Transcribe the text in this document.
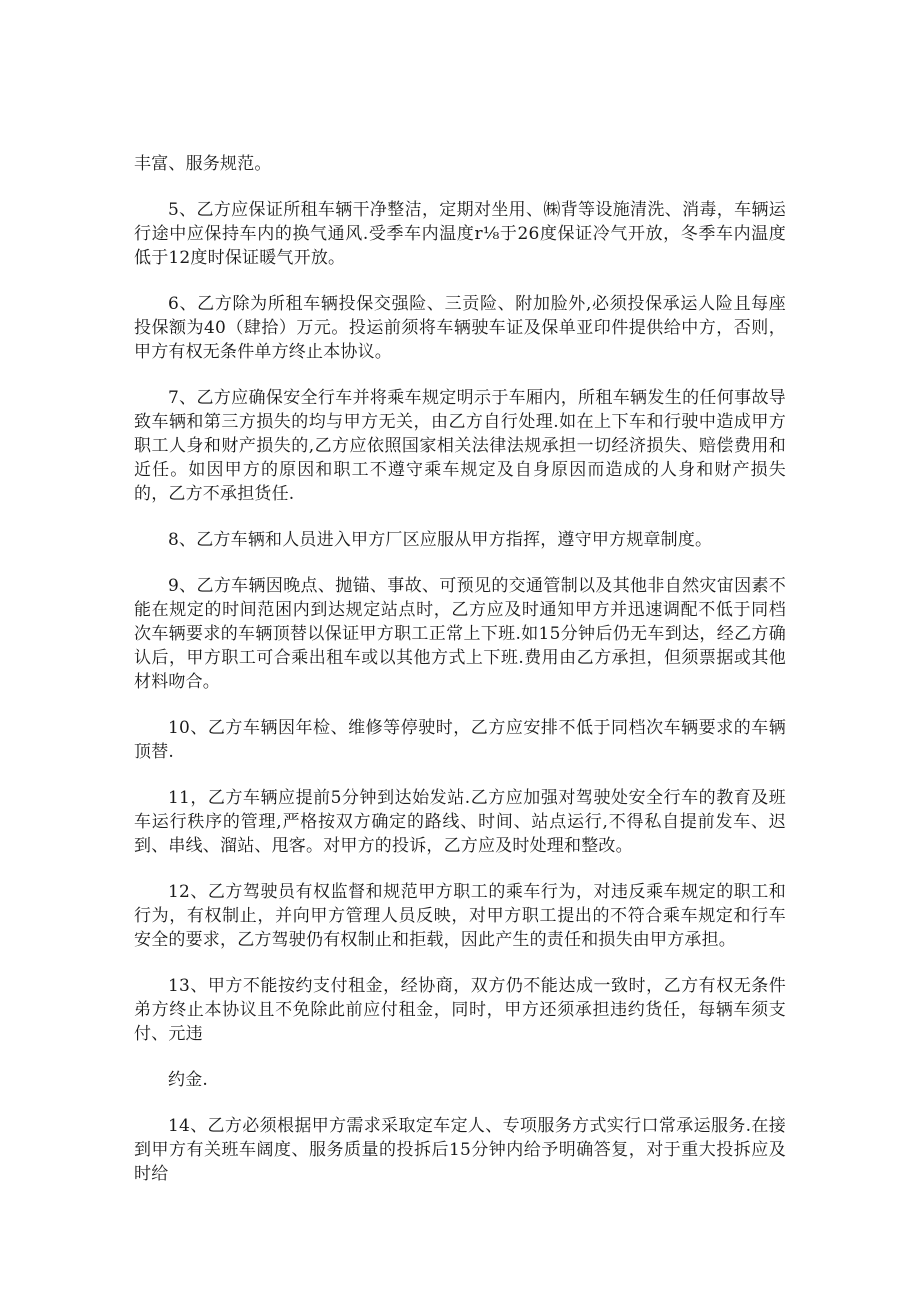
丰富、服务规范。

5、乙方应保证所租车辆干净整洁，定期对坐用、㈱背等设施清洗、消毒，车辆运行途中应保持车内的换气通风.受季车内温度r⅛于26度保证冷气开放，冬季车内温度低于12度时保证暖气开放。

6、乙方除为所租车辆投保交强险、三贡险、附加脸外,必须投保承运人险且每座投保额为40（肆拾）万元。投运前须将车辆驶车证及保单亚印件提供给中方，否则，甲方有权无条件单方终止本协议。

7、乙方应确保安全行车并将乘车规定明示于车厢内，所租车辆发生的任何事故导致车辆和第三方损失的均与甲方无关，由乙方自行处理.如在上下车和行驶中造成甲方职工人身和财产损失的,乙方应依照国家相关法律法规承担一切经济损失、赔偿费用和近任。如因甲方的原因和职工不遵守乘车规定及自身原因而造成的人身和财产损失的，乙方不承担货任.

8、乙方车辆和人员进入甲方厂区应服从甲方指挥，遵守甲方规章制度。

9、乙方车辆因晚点、抛锚、事故、可预见的交通管制以及其他非自然灾宙因素不能在规定的时间范困内到达规定站点时，乙方应及时通知甲方并迅速调配不低于同档次车辆要求的车辆顶替以保证甲方职工正常上下班.如15分钟后仍无车到达，经乙方确认后，甲方职工可合乘出租车或以其他方式上下班.费用由乙方承担，但须票据或其他材料吻合。

10、乙方车辆因年检、维修等停驶时，乙方应安排不低于同档次车辆要求的车辆顶替.

11，乙方车辆应提前5分钟到达始发站.乙方应加强对驾驶处安全行车的教育及班车运行秩序的管理,严格按双方确定的路线、时间、站点运行,不得私自提前发车、迟到、串线、溜站、甩客。对甲方的投诉，乙方应及时处理和整改。

12、乙方驾驶员有权监督和规范甲方职工的乘车行为，对违反乘车规定的职工和行为，有权制止，并向甲方管理人员反映，对甲方职工提出的不符合乘车规定和行车安全的要求，乙方驾驶仍有权制止和拒载，因此产生的责任和损失由甲方承担。

13、甲方不能按约支付租金，经协商，双方仍不能达成一致时，乙方有权无条件弟方终止本协议且不免除此前应付租金，同时，甲方还须承担违约货任，每辆车须支付、元违

约金.

14、乙方必须根据甲方需求采取定车定人、专项服务方式实行口常承运服务.在接到甲方有关班车阔度、服务质量的投拆后15分钟内给予明确答复，对于重大投拆应及时给
